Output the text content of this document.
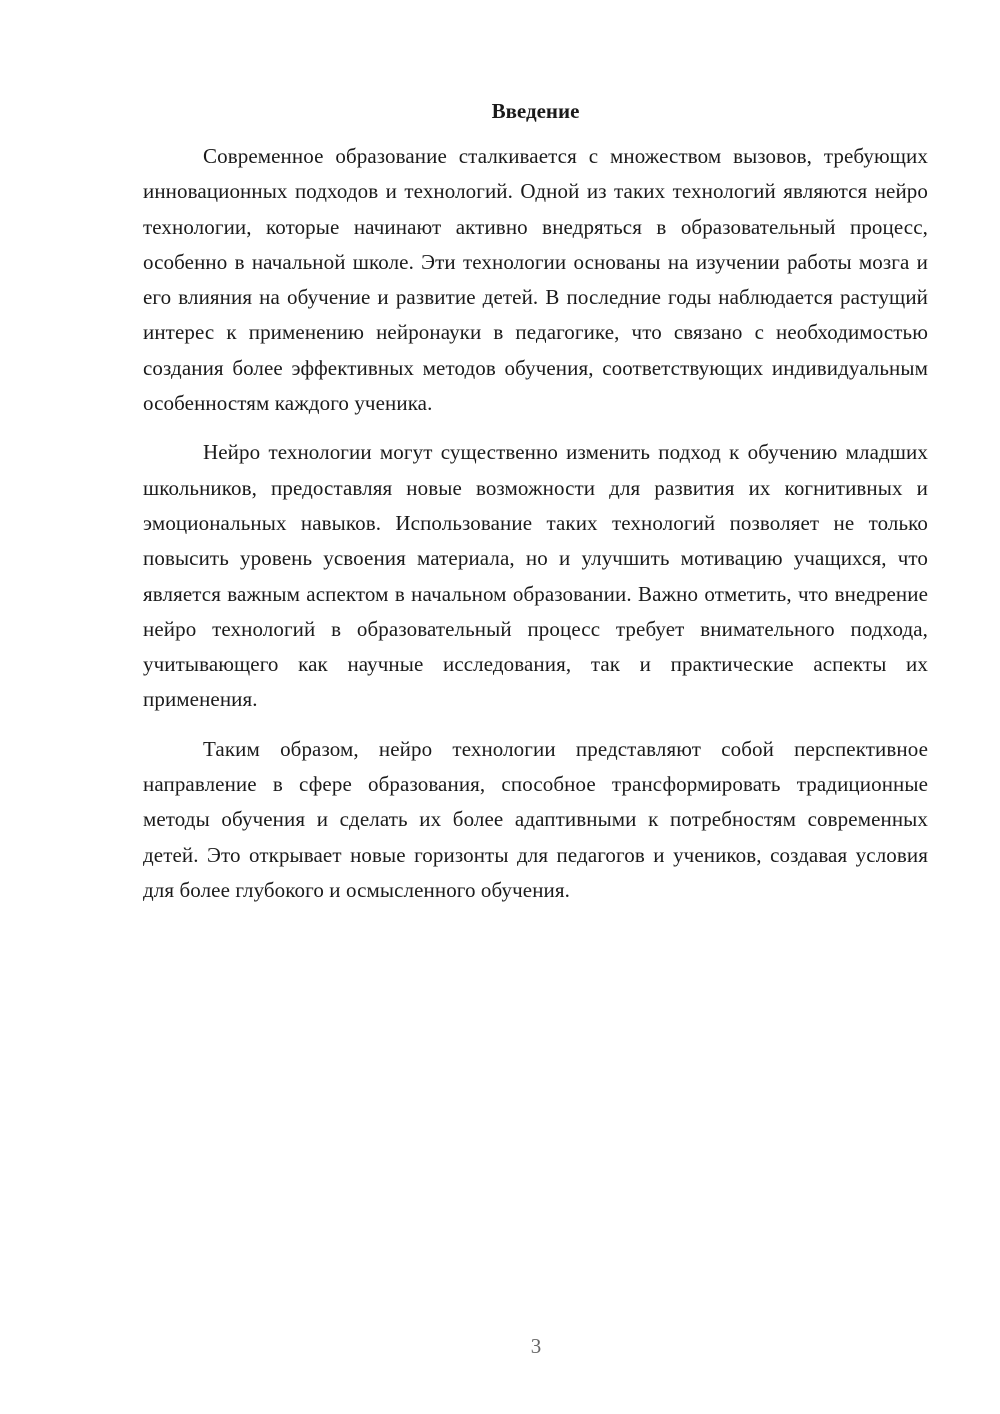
Введение

Современное образование сталкивается с множеством вызовов, требующих инновационных подходов и технологий. Одной из таких технологий являются нейро технологии, которые начинают активно внедряться в образовательный процесс, особенно в начальной школе. Эти технологии основаны на изучении работы мозга и его влияния на обучение и развитие детей. В последние годы наблюдается растущий интерес к применению нейронауки в педагогике, что связано с необходимостью создания более эффективных методов обучения, соответствующих индивидуальным особенностям каждого ученика.

Нейро технологии могут существенно изменить подход к обучению младших школьников, предоставляя новые возможности для развития их когнитивных и эмоциональных навыков. Использование таких технологий позволяет не только повысить уровень усвоения материала, но и улучшить мотивацию учащихся, что является важным аспектом в начальном образовании. Важно отметить, что внедрение нейро технологий в образовательный процесс требует внимательного подхода, учитывающего как научные исследования, так и практические аспекты их применения.

Таким образом, нейро технологии представляют собой перспективное направление в сфере образования, способное трансформировать традиционные методы обучения и сделать их более адаптивными к потребностям современных детей. Это открывает новые горизонты для педагогов и учеников, создавая условия для более глубокого и осмысленного обучения.

3
